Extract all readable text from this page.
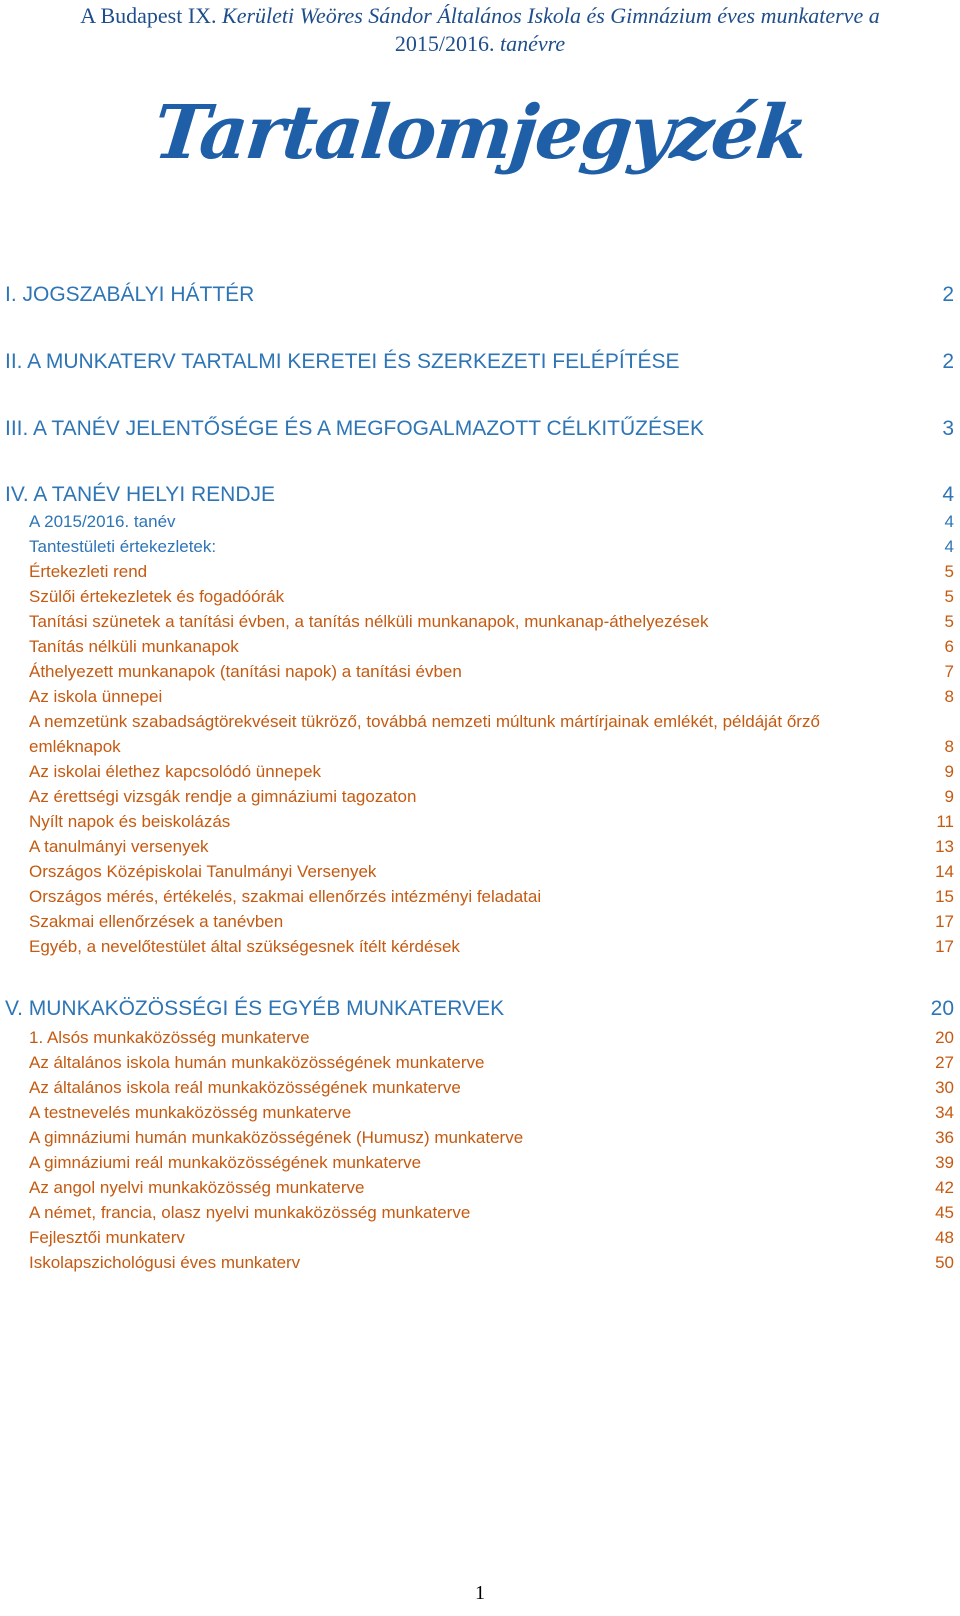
A Budapest IX. Kerületi Weöres Sándor Általános Iskola és Gimnázium éves munkaterve a
2015/2016. tanévre
Tartalomjegyzék
I. JOGSZABÁLYI HÁTTÉR	2
II. A MUNKATERV TARTALMI KERETEI ÉS SZERKEZETI FELÉPÍTÉSE	2
III. A TANÉV JELENTŐSÉGE ÉS A MEGFOGALMAZOTT CÉLKITŰZÉSEK	3
IV. A TANÉV HELYI RENDJE	4
A 2015/2016. tanév	4
Tantestületi értekezletek:	4
Értekezleti rend	5
Szülői értekezletek és fogadóórák	5
Tanítási szünetek a tanítási évben, a tanítás nélküli munkanapok, munkanap-áthelyezések	5
Tanítás nélküli munkanapok	6
Áthelyezett munkanapok (tanítási napok) a tanítási évben	7
Az iskola ünnepei	8
A nemzetünk szabadságtörekvéseit tükröző, továbbá nemzeti múltunk mártírjainak emlékét, példáját őrző
emléknapok	8
Az iskolai élethez kapcsolódó ünnepek	9
Az érettségi vizsgák rendje a gimnáziumi tagozaton	9
Nyílt napok és beiskolázás	11
A tanulmányi versenyek	13
Országos Középiskolai Tanulmányi Versenyek	14
Országos mérés, értékelés, szakmai ellenőrzés intézményi feladatai	15
Szakmai ellenőrzések a tanévben	17
Egyéb, a nevelőtestület által szükségesnek ítélt kérdések	17
V. MUNKAKÖZÖSSÉGI ÉS EGYÉB MUNKATERVEK	20
1. Alsós munkaközösség munkaterve	20
Az általános iskola humán munkaközösségének munkaterve	27
Az általános iskola reál munkaközösségének munkaterve	30
A testnevelés munkaközösség munkaterve	34
A gimnáziumi humán munkaközösségének (Humusz) munkaterve	36
A gimnáziumi reál munkaközösségének munkaterve	39
Az angol nyelvi munkaközösség munkaterve	42
A német, francia, olasz nyelvi munkaközösség munkaterve	45
Fejlesztői munkaterv	48
Iskolapszichológusi éves munkaterv	50
1
